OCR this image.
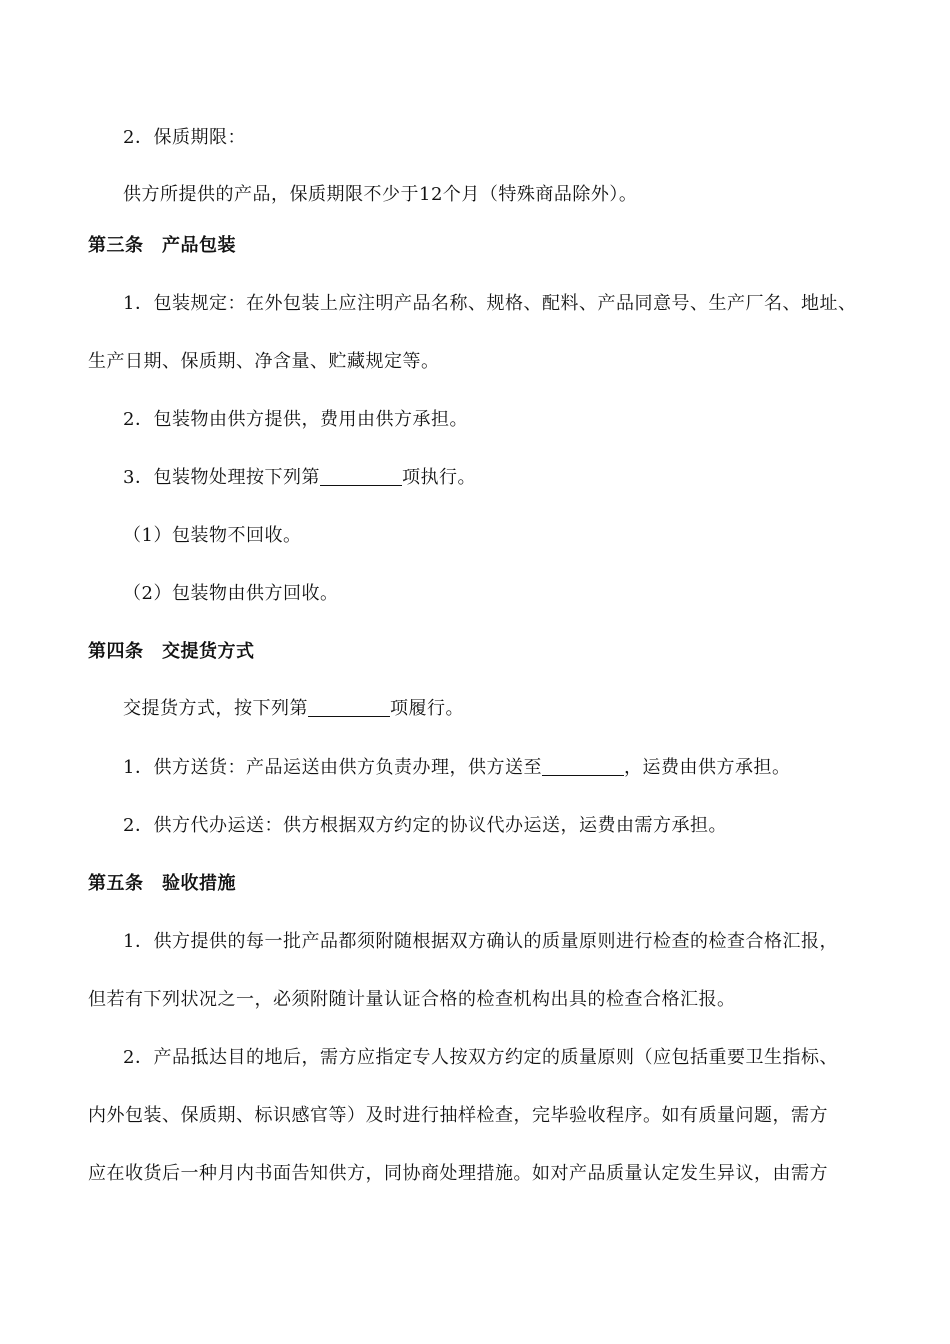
2．保质期限：
供方所提供的产品，保质期限不少于12个月（特殊商品除外）。
第三条　产品包装
1．包装规定：在外包装上应注明产品名称、规格、配料、产品同意号、生产厂名、地址、
生产日期、保质期、净含量、贮藏规定等。
2．包装物由供方提供，费用由供方承担。
3．包装物处理按下列第	项执行。
（1）包装物不回收。
（2）包装物由供方回收。
第四条　交提货方式
交提货方式，按下列第	项履行。
1．供方送货：产品运送由供方负责办理，供方送至	，运费由供方承担。
2．供方代办运送：供方根据双方约定的协议代办运送，运费由需方承担。
第五条　验收措施
1．供方提供的每一批产品都须附随根据双方确认的质量原则进行检查的检查合格汇报，
但若有下列状况之一，必须附随计量认证合格的检查机构出具的检查合格汇报。
2．产品抵达目的地后，需方应指定专人按双方约定的质量原则（应包括重要卫生指标、
内外包装、保质期、标识感官等）及时进行抽样检查，完毕验收程序。如有质量问题，需方
应在收货后一种月内书面告知供方，同协商处理措施。如对产品质量认定发生异议，由需方
